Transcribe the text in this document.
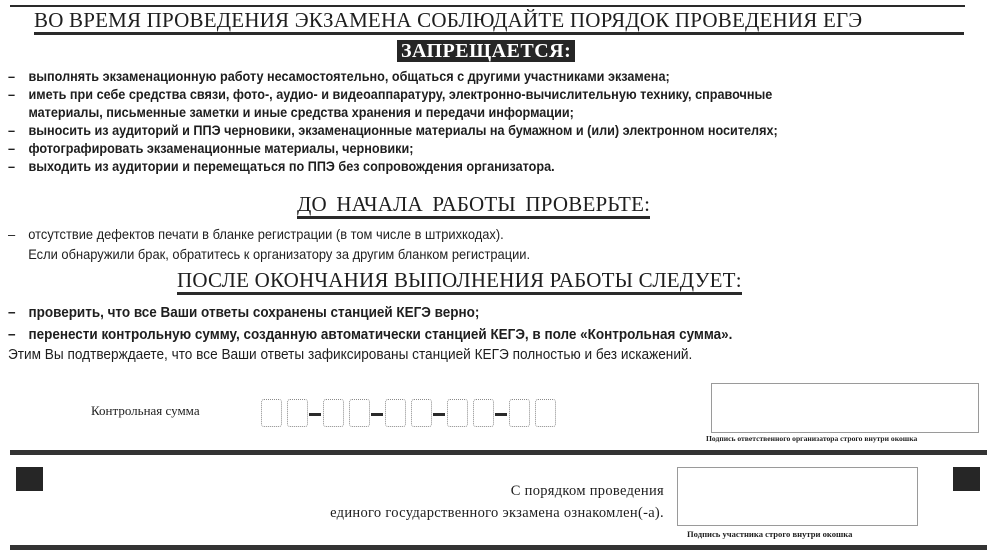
ВО ВРЕМЯ ПРОВЕДЕНИЯ ЭКЗАМЕНА СОБЛЮДАЙТЕ ПОРЯДОК ПРОВЕДЕНИЯ ЕГЭ
ЗАПРЕЩАЕТСЯ:
– выполнять экзаменационную работу несамостоятельно, общаться с другими участниками экзамена;
– иметь при себе средства связи, фото-, аудио- и видеоаппаратуру, электронно-вычислительную технику, справочные
материалы, письменные заметки и иные средства хранения и передачи информации;
– выносить из аудиторий и ППЭ черновики, экзаменационные материалы на бумажном и (или) электронном носителях;
– фотографировать экзаменационные материалы, черновики;
– выходить из аудитории и перемещаться по ППЭ без сопровождения организатора.
ДО НАЧАЛА РАБОТЫ ПРОВЕРЬТЕ:
– отсутствие дефектов печати в бланке регистрации (в том числе в штрихкодах).
Если обнаружили брак, обратитесь к организатору за другим бланком регистрации.
ПОСЛЕ ОКОНЧАНИЯ ВЫПОЛНЕНИЯ РАБОТЫ СЛЕДУЕТ:
– проверить, что все Ваши ответы сохранены станцией КЕГЭ верно;
– перенести контрольную сумму, созданную автоматически станцией КЕГЭ, в поле «Контрольная сумма».
Этим Вы подтверждаете, что все Ваши ответы зафиксированы станцией КЕГЭ полностью и без искажений.
Контрольная сумма
Подпись ответственного организатора строго внутри окошка
С порядком проведения
единого государственного экзамена ознакомлен(-а).
Подпись участника строго внутри окошка
